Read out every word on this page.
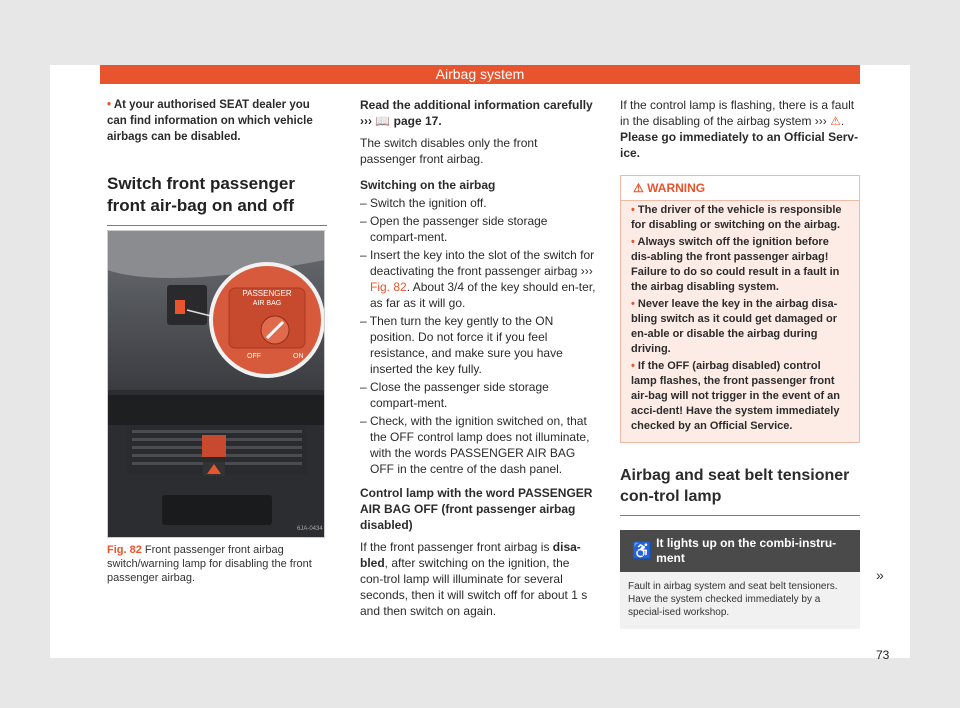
Airbag system

• At your authorised SEAT dealer you can find information on which vehicle airbags can be disabled.

Switch front passenger front air-bag on and off
PASSENGER
AIR BAG
OFF	ON
6JA-0434
Fig. 82 Front passenger front airbag switch/warning lamp for disabling the front passenger airbag.

Read the additional information carefully ››› 📖 page 17.

The switch disables only the front passenger front airbag.

Switching on the airbag

– Switch the ignition off.

– Open the passenger side storage compart-ment.

– Insert the key into the slot of the switch for deactivating the front passenger airbag ››› Fig. 82. About 3/4 of the key should en-ter, as far as it will go.

– Then turn the key gently to the ON position. Do not force it if you feel resistance, and make sure you have inserted the key fully.

– Close the passenger side storage compart-ment.

– Check, with the ignition switched on, that the OFF control lamp does not illuminate, with the words PASSENGER AIR BAG OFF in the centre of the dash panel.

Control lamp with the word PASSENGER AIR BAG OFF (front passenger airbag disabled)

If the front passenger front airbag is disa-bled, after switching on the ignition, the con-trol lamp will illuminate for several seconds, then it will switch off for about 1 s and then switch on again.

If the control lamp is flashing, there is a fault in the disabling of the airbag system ››› ⚠. Please go immediately to an Official Serv-ice.

⚠ WARNING
• The driver of the vehicle is responsible for disabling or switching on the airbag.
• Always switch off the ignition before dis-abling the front passenger airbag! Failure to do so could result in a fault in the airbag disabling system.
• Never leave the key in the airbag disa-bling switch as it could get damaged or en-able or disable the airbag during driving.
• If the OFF (airbag disabled) control lamp flashes, the front passenger front air-bag will not trigger in the event of an acci-dent! Have the system immediately checked by an Official Service.
Airbag and seat belt tensioner con-trol lamp
♿ It lights up on the combi-instru-ment
Fault in airbag system and seat belt tensioners. Have the system checked immediately by a special-ised workshop.
»
73
